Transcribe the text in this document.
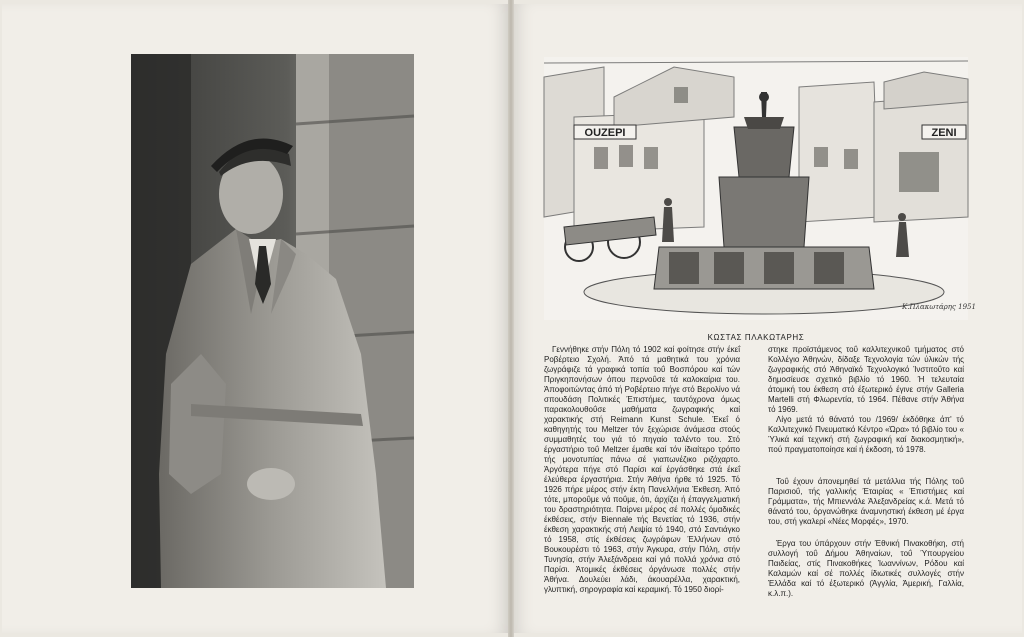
OUZEPI	ZENI
Κ.Πλακωτάρης 1951
ΚΩΣΤΑΣ ΠΛΑΚΩΤΑΡΗΣ

Γεννήθηκε στήν Πόλη τό 1902 καί φοίτησε στήν έκεΐ Ροβέρτειο Σχολή. Άπό τά μαθητικά του χρόνια ζωγράφιζε τά γραφικά τοπία τοΰ Βοσπόρου καί τών Πριγκηπονήσων όπου περνοΰσε τά καλοκαίρια του. Άποφοιτώντας άπό τή Ροβέρτειο πήγε στό Βερολίνο νά σπουδάση Πολιτικές Έπιστήμες, ταυτόχρονα όμως παρακολουθοΰσε μαθήματα ζωγραφικής καί χαρακτικής στή Reimann Kunst Schule. Έκεΐ ό καθηγητής του Meltzer τόν ξεχώρισε άνάμεσα στούς συμμαθητές του γιά τό πηγαίο ταλέντο του. Στό έργαστήριο τοΰ Meltzer έμαθε καί τόν ίδιαίτερο τρόπο τής μονοτυπίας πάνω σέ γιαπωνέζικο ριζόχαρτο. Άργότερα πήγε στό Παρίσι καί έργάσθηκε στά έκεΐ έλεύθερα έργαστήρια. Στήν Άθήνα ήρθε τό 1925. Τό 1926 πήρε μέρος στήν έκτη Πανελλήνια Έκθεση. Άπό τότε, μποροΰμε νά ποΰμε, ότι, άρχίζει ή έπαγγελματική του δραστηριότητα. Παίρνει μέρος σέ πολλές όμαδικές έκθέσεις, στήν Biennale τής Βενετίας τό 1936, στήν έκθεση χαρακτικής στή Λειψία τό 1940, στό Σαντιάγκο τό 1958, στίς έκθέσεις ζωγράφων Έλλήνων στό Βουκουρέστι τό 1963, στήν Άγκυρα, στήν Πόλη, στήν Τυνησία, στήν Άλεξάνδρεια καί γιά πολλά χρόνια στό Παρίσι. Άτομικές έκθέσεις όργάνωσε πολλές στήν Άθήνα. Δουλεύει λάδι, άκουαρέλλα, χαρακτική, γλυπτική, σηρογραφία καί κεραμική. Τό 1950 διορί-

στηκε προϊστάμενος τοΰ καλλιτεχνικοΰ τμήματος στό Κολλέγιο Άθηνών, δίδαξε Τεχνολογία τών ύλικών τής ζωγραφικής στό Άθηναϊκό Τεχνολογικό Ίνστιτοΰτο καί δημοσίευσε σχετικό βιβλίο τό 1960. Ή τελευταία άτομική του έκθεση στό έξωτερικό έγινε στήν Galleria Martelli στή Φλωρεντία, τό 1964. Πέθανε στήν Άθήνα τό 1969.

Λίγο μετά τό θάνατό του /1969/ έκδόθηκε άπ' τό Καλλιτεχνικό Πνευματικό Κέντρο «Ώρα» τό βιβλίο του « Ύλικά καί τεχνική στή ζωγραφική καί διακοσμητική», πού πραγματοποίησε καί ή έκδοση, τό 1978.

Τοΰ έχουν άπονεμηθεί τά μετάλλια τής Πόλης τοΰ Παρισιοΰ, τής γαλλικής Έταιρίας « Έπιστήμες καί Γράμματα», τής Μπιεννάλε Άλεξανδρείας κ.ά. Μετά τό θάνατό του, όργανώθηκε άναμνηστική έκθεση μέ έργα του, στή γκαλερί «Νέες Μορφές», 1970.

Έργα του ύπάρχουν στήν Έθνική Πινακοθήκη, στή συλλογή τοΰ Δήμου Άθηναίων, τοΰ Ύπουργείου Παιδείας, στίς Πινακοθήκες Ίωαννίνων, Ρόδου καί Καλαμών καί σέ πολλές ίδιωτικές συλλογές στήν Έλλάδα καί τό έξωτερικό (Άγγλία, Άμερική, Γαλλία, κ.λ.π.).
